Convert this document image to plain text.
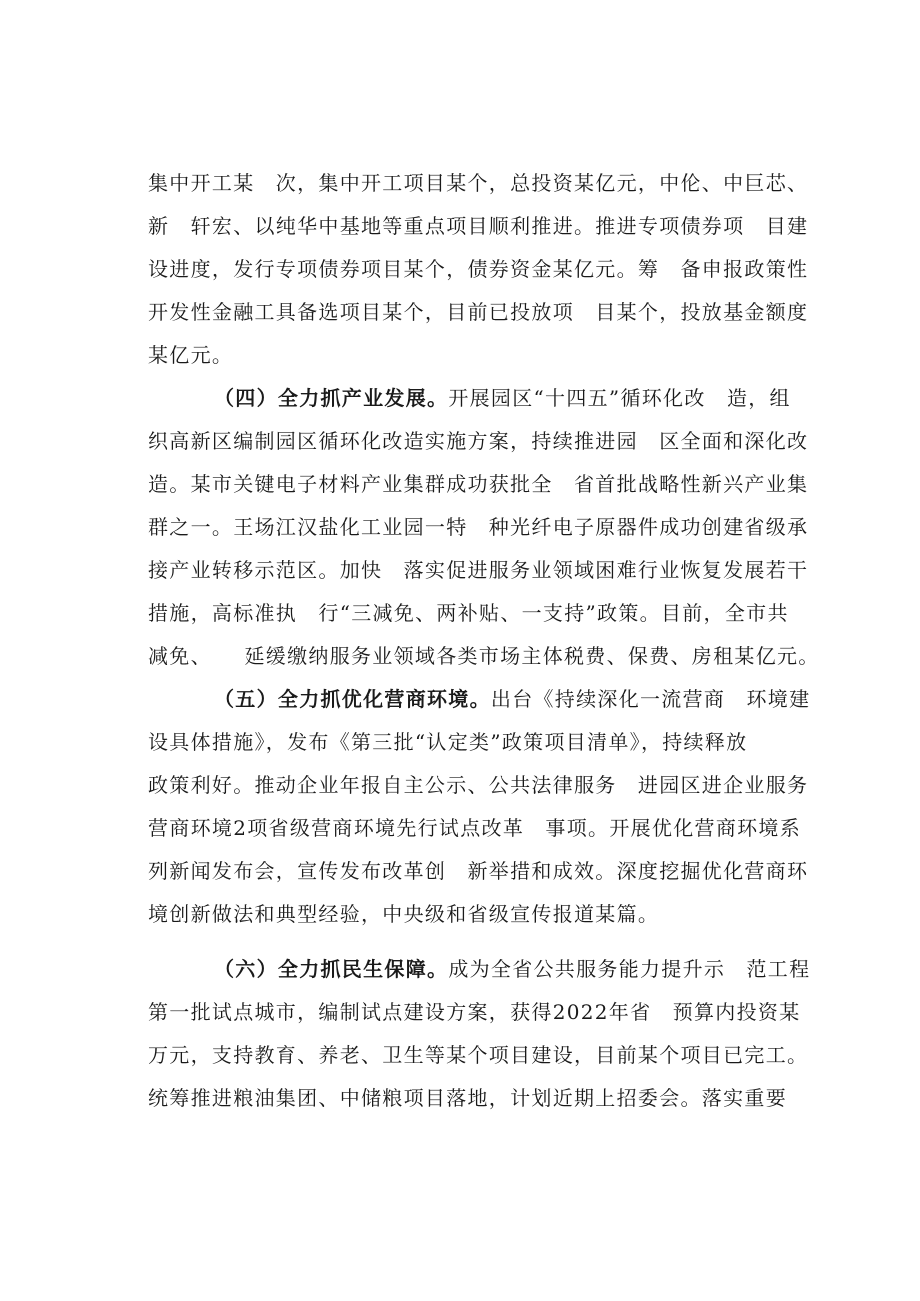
集中开工某　次，集中开工项目某个，总投资某亿元，中伦、中巨芯、
新　轩宏、以纯华中基地等重点项目顺利推进。推进专项债券项　目建
设进度，发行专项债券项目某个，债券资金某亿元。筹　备申报政策性
开发性金融工具备选项目某个，目前已投放项　目某个，投放基金额度
某亿元。
（四）全力抓产业发展。开展园区“十四五”循环化改　造，组
织高新区编制园区循环化改造实施方案，持续推进园　区全面和深化改
造。某市关键电子材料产业集群成功获批全　省首批战略性新兴产业集
群之一。王场江汉盐化工业园一特　种光纤电子原器件成功创建省级承
接产业转移示范区。加快　落实促进服务业领域困难行业恢复发展若干
措施，高标准执　行“三减免、两补贴、一支持”政策。目前，全市共
减免、　　延缓缴纳服务业领域各类市场主体税费、保费、房租某亿元。
（五）全力抓优化营商环境。出台《持续深化一流营商　环境建
设具体措施》，发布《第三批“认定类”政策项目清单》，持续释放
政策利好。推动企业年报自主公示、公共法律服务　进园区进企业服务
营商环境2项省级营商环境先行试点改革　事项。开展优化营商环境系
列新闻发布会，宣传发布改革创　新举措和成效。深度挖掘优化营商环
境创新做法和典型经验，中央级和省级宣传报道某篇。
（六）全力抓民生保障。成为全省公共服务能力提升示　范工程
第一批试点城市，编制试点建设方案，获得2022年省　预算内投资某
万元，支持教育、养老、卫生等某个项目建设，目前某个项目已完工。
统筹推进粮油集团、中储粮项目落地，计划近期上招委会。落实重要
